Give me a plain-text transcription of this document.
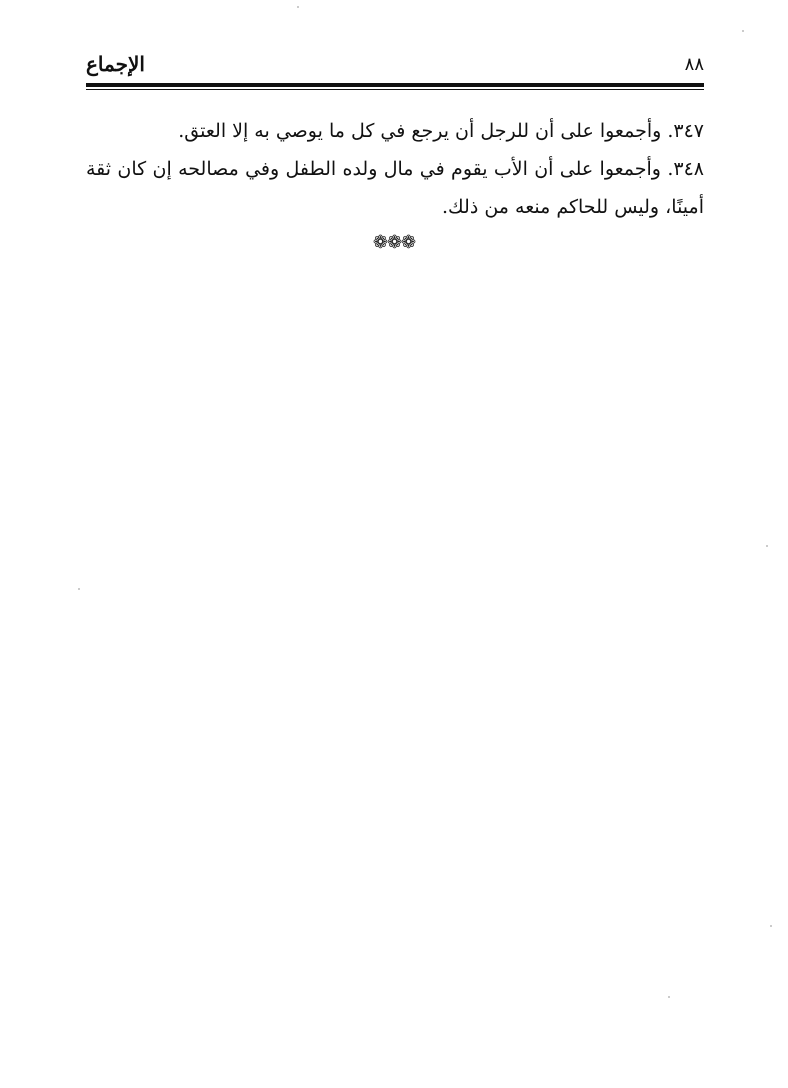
٨٨
الإجماع

٣٤٧. وأجمعوا على أن للرجل أن يرجع في كل ما يوصي به إلا العتق.

٣٤٨. وأجمعوا على أن الأب يقوم في مال ولده الطفل وفي مصالحه إن كان ثقة أمينًا، وليس للحاكم منعه من ذلك.

❁❁❁
